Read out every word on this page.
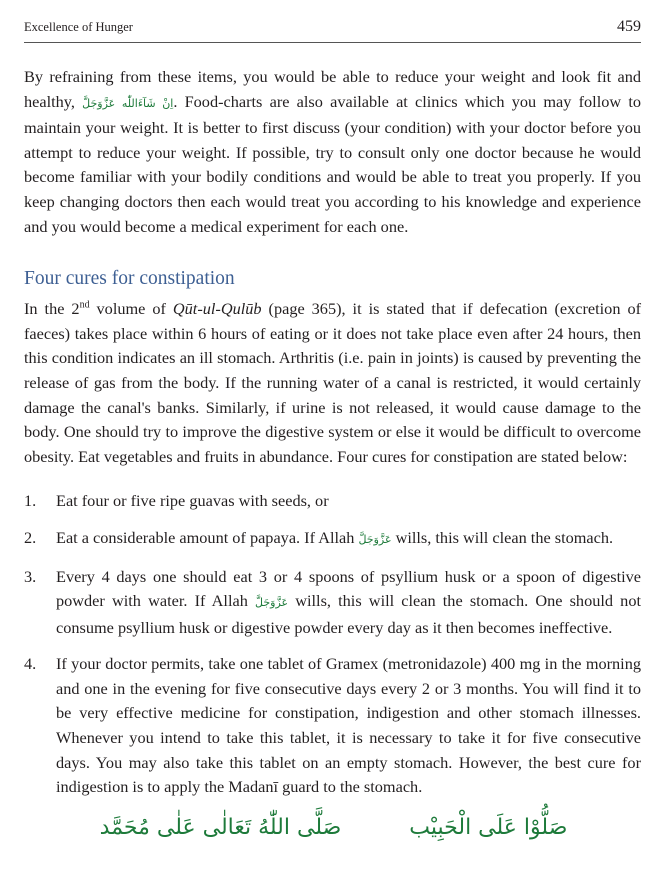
Excellence of Hunger	459

By refraining from these items, you would be able to reduce your weight and look fit and healthy, اِنْ شَآءَاللّٰه عَزَّوَجَلَّ. Food-charts are also available at clinics which you may follow to maintain your weight. It is better to first discuss (your condition) with your doctor before you attempt to reduce your weight. If possible, try to consult only one doctor because he would become familiar with your bodily conditions and would be able to treat you properly. If you keep changing doctors then each would treat you according to his knowledge and experience and you would become a medical experiment for each one.

Four cures for constipation

In the 2nd volume of Qūt-ul-Qulūb (page 365), it is stated that if defecation (excretion of faeces) takes place within 6 hours of eating or it does not take place even after 24 hours, then this condition indicates an ill stomach. Arthritis (i.e. pain in joints) is caused by preventing the release of gas from the body. If the running water of a canal is restricted, it would certainly damage the canal's banks. Similarly, if urine is not released, it would cause damage to the body. One should try to improve the digestive system or else it would be difficult to overcome obesity. Eat vegetables and fruits in abundance. Four cures for constipation are stated below:

1.	Eat four or five ripe guavas with seeds, or

2.	Eat a considerable amount of papaya. If Allah عَزَّوَجَلَّ wills, this will clean the stomach.

3.	Every 4 days one should eat 3 or 4 spoons of psyllium husk or a spoon of digestive powder with water. If Allah عَزَّوَجَلَّ wills, this will clean the stomach. One should not consume psyllium husk or digestive powder every day as it then becomes ineffective.

4.	If your doctor permits, take one tablet of Gramex (metronidazole) 400 mg in the morning and one in the evening for five consecutive days every 2 or 3 months. You will find it to be very effective medicine for constipation, indigestion and other stomach illnesses. Whenever you intend to take this tablet, it is necessary to take it for five consecutive days. You may also take this tablet on an empty stomach. However, the best cure for indigestion is to apply the Madanī guard to the stomach.

صَلُّوْا عَلَى الْحَبِيْب
صَلَّى اللّٰهُ تَعَالٰى عَلٰى مُحَمَّد
